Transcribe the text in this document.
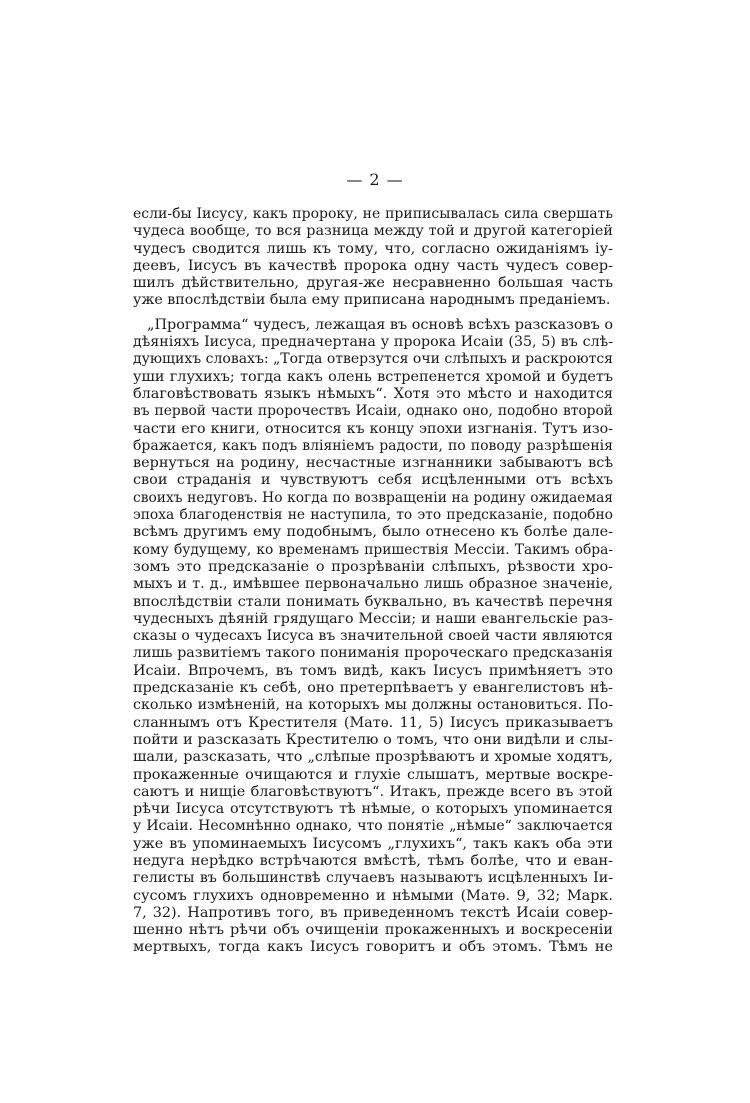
— 2 —
если-бы Іисусу, какъ пророку, не приписывалась сила свершать
чудеса вообще, то вся разница между той и другой категоріей
чудесъ сводится лишь къ тому, что, согласно ожиданіямъ іу-
деевъ, Іисусъ въ качествѣ пророка одну часть чудесъ совер-
шилъ дѣйствительно, другая-же несравненно большая часть
уже впослѣдствіи была ему приписана народнымъ преданіемъ.
„Программа“ чудесъ, лежащая въ основѣ всѣхъ разсказовъ о
дѣяніяхъ Іисуса, предначертана у пророка Исаіи (35, 5) въ слѣ-
дующихъ словахъ: „Тогда отверзутся очи слѣпыхъ и раскроются
уши глухихъ; тогда какъ олень встрепенется хромой и будетъ
благовѣствовать языкъ нѣмыхъ“. Хотя это мѣсто и находится
въ первой части пророчествъ Исаіи, однако оно, подобно второй
части его книги, относится къ концу эпохи изгнанія. Тутъ изо-
бражается, какъ подъ вліяніемъ радости, по поводу разрѣшенія
вернуться на родину, несчастные изгнанники забываютъ всѣ
свои страданія и чувствуютъ себя исцѣленными отъ всѣхъ
своихъ недуговъ. Но когда по возвращеніи на родину ожидаемая
эпоха благоденствія не наступила, то это предсказаніе, подобно
всѣмъ другимъ ему подобнымъ, было отнесено къ болѣе дале-
кому будущему, ко временамъ пришествія Мессіи. Такимъ обра-
зомъ это предсказаніе о прозрѣваніи слѣпыхъ, рѣзвости хро-
мыхъ и т. д., имѣвшее первоначально лишь образное значеніе,
впослѣдствіи стали понимать буквально, въ качествѣ перечня
чудесныхъ дѣяній грядущаго Мессіи; и наши евангельскіе раз-
сказы о чудесахъ Іисуса въ значительной своей части являются
лишь развитіемъ такого пониманія пророческаго предсказанія
Исаіи. Впрочемъ, въ томъ видѣ, какъ Іисусъ примѣняетъ это
предсказаніе къ себѣ, оно претерпѣваетъ у евангелистовъ нѣ-
сколько измѣненій, на которыхъ мы должны остановиться. По-
сланнымъ отъ Крестителя (Матѳ. 11, 5) Іисусъ приказываетъ
пойти и разсказать Крестителю о томъ, что они видѣли и слы-
шали, разсказать, что „слѣпые прозрѣваютъ и хромые ходятъ,
прокаженные очищаются и глухіе слышатъ, мертвые воскре-
саютъ и нищіе благовѣствуютъ“. Итакъ, прежде всего въ этой
рѣчи Іисуса отсутствуютъ тѣ нѣмые, о которыхъ упоминается
у Исаіи. Несомнѣнно однако, что понятіе „нѣмые“ заключается
уже въ упоминаемыхъ Іисусомъ „глухихъ“, такъ какъ оба эти
недуга нерѣдко встрѣчаются вмѣстѣ, тѣмъ болѣе, что и еван-
гелисты въ большинствѣ случаевъ называютъ исцѣленныхъ Іи-
сусомъ глухихъ одновременно и нѣмыми (Матѳ. 9, 32; Марк.
7, 32). Напротивъ того, въ приведенномъ текстѣ Исаіи совер-
шенно нѣтъ рѣчи объ очищеніи прокаженныхъ и воскресеніи
мертвыхъ, тогда какъ Іисусъ говоритъ и объ этомъ. Тѣмъ не
